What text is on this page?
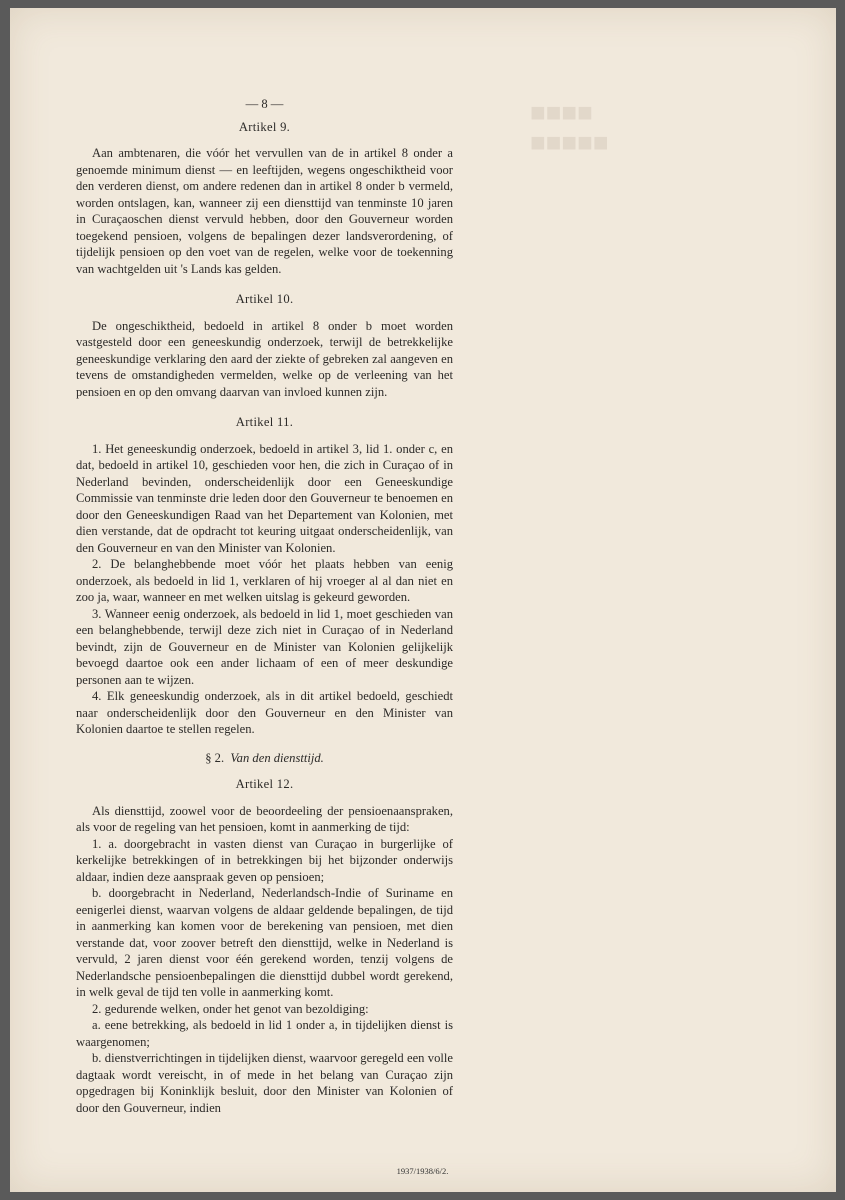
■■■■
■■■■■
— 8 —
Artikel 9.

Aan ambtenaren, die vóór het vervullen van de in artikel 8 onder a genoemde minimum dienst — en leeftijden, wegens ongeschiktheid voor den verderen dienst, om andere redenen dan in artikel 8 onder b vermeld, worden ontslagen, kan, wanneer zij een diensttijd van tenminste 10 jaren in Curaçaoschen dienst vervuld hebben, door den Gouverneur worden toegekend pensioen, volgens de bepalingen dezer landsverordening, of tijdelijk pensioen op den voet van de regelen, welke voor de toekenning van wachtgelden uit 's Lands kas gelden.

Artikel 10.

De ongeschiktheid, bedoeld in artikel 8 onder b moet worden vastgesteld door een geneeskundig onderzoek, terwijl de betrekkelijke geneeskundige verklaring den aard der ziekte of gebreken zal aangeven en tevens de omstandigheden vermelden, welke op de verleening van het pensioen en op den omvang daarvan van invloed kunnen zijn.

Artikel 11.

1. Het geneeskundig onderzoek, bedoeld in artikel 3, lid 1. onder c, en dat, bedoeld in artikel 10, geschieden voor hen, die zich in Curaçao of in Nederland bevinden, onderscheidenlijk door een Geneeskundige Commissie van tenminste drie leden door den Gouverneur te benoemen en door den Geneeskundigen Raad van het Departement van Kolonien, met dien verstande, dat de opdracht tot keuring uitgaat onderscheidenlijk, van den Gouverneur en van den Minister van Kolonien.

2. De belanghebbende moet vóór het plaats hebben van eenig onderzoek, als bedoeld in lid 1, verklaren of hij vroeger al al dan niet en zoo ja, waar, wanneer en met welken uitslag is gekeurd geworden.

3. Wanneer eenig onderzoek, als bedoeld in lid 1, moet geschieden van een belanghebbende, terwijl deze zich niet in Curaçao of in Nederland bevindt, zijn de Gouverneur en de Minister van Kolonien gelijkelijk bevoegd daartoe ook een ander lichaam of een of meer deskundige personen aan te wijzen.

4. Elk geneeskundig onderzoek, als in dit artikel bedoeld, geschiedt naar onderscheidenlijk door den Gouverneur en den Minister van Kolonien daartoe te stellen regelen.

§ 2. Van den diensttijd.
Artikel 12.

Als diensttijd, zoowel voor de beoordeeling der pensioenaanspraken, als voor de regeling van het pensioen, komt in aanmerking de tijd:

1. a. doorgebracht in vasten dienst van Curaçao in burgerlijke of kerkelijke betrekkingen of in betrekkingen bij het bijzonder onderwijs aldaar, indien deze aanspraak geven op pensioen;

b. doorgebracht in Nederland, Nederlandsch-Indie of Suriname en eenigerlei dienst, waarvan volgens de aldaar geldende bepalingen, de tijd in aanmerking kan komen voor de berekening van pensioen, met dien verstande dat, voor zoover betreft den diensttijd, welke in Nederland is vervuld, 2 jaren dienst voor één gerekend worden, tenzij volgens de Nederlandsche pensioenbepalingen die diensttijd dubbel wordt gerekend, in welk geval de tijd ten volle in aanmerking komt.

2. gedurende welken, onder het genot van bezoldiging:

a. eene betrekking, als bedoeld in lid 1 onder a, in tijdelijken dienst is waargenomen;

b. dienstverrichtingen in tijdelijken dienst, waarvoor geregeld een volle dagtaak wordt vereischt, in of mede in het belang van Curaçao zijn opgedragen bij Koninklijk besluit, door den Minister van Kolonien of door den Gouverneur, indien

1937/1938/6/2.
